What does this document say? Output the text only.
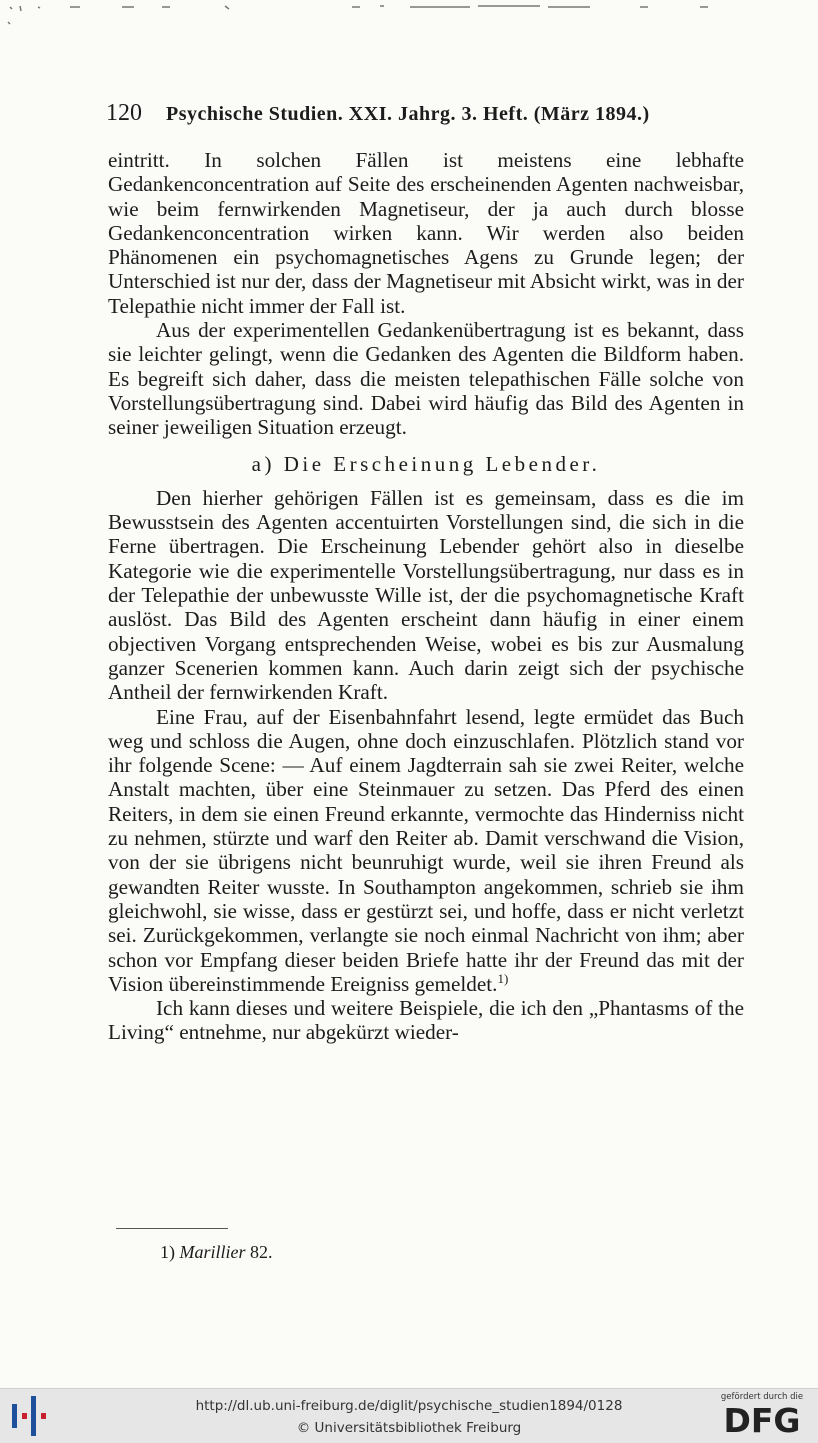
120 Psychische Studien. XXI. Jahrg. 3. Heft. (März 1894.)

eintritt. In solchen Fällen ist meistens eine lebhafte Gedankenconcentration auf Seite des erscheinenden Agenten nachweisbar, wie beim fernwirkenden Magnetiseur, der ja auch durch blosse Gedankenconcentration wirken kann. Wir werden also beiden Phänomenen ein psychomagnetisches Agens zu Grunde legen; der Unterschied ist nur der, dass der Magnetiseur mit Absicht wirkt, was in der Telepathie nicht immer der Fall ist.

Aus der experimentellen Gedankenübertragung ist es bekannt, dass sie leichter gelingt, wenn die Gedanken des Agenten die Bildform haben. Es begreift sich daher, dass die meisten telepathischen Fälle solche von Vorstellungsübertragung sind. Dabei wird häufig das Bild des Agenten in seiner jeweiligen Situation erzeugt.

a) Die Erscheinung Lebender.

Den hierher gehörigen Fällen ist es gemeinsam, dass es die im Bewusstsein des Agenten accentuirten Vorstellungen sind, die sich in die Ferne übertragen. Die Erscheinung Lebender gehört also in dieselbe Kategorie wie die experimentelle Vorstellungsübertragung, nur dass es in der Telepathie der unbewusste Wille ist, der die psychomagnetische Kraft auslöst. Das Bild des Agenten erscheint dann häufig in einer einem objectiven Vorgang entsprechenden Weise, wobei es bis zur Ausmalung ganzer Scenerien kommen kann. Auch darin zeigt sich der psychische Antheil der fernwirkenden Kraft.

Eine Frau, auf der Eisenbahnfahrt lesend, legte ermüdet das Buch weg und schloss die Augen, ohne doch einzuschlafen. Plötzlich stand vor ihr folgende Scene: — Auf einem Jagdterrain sah sie zwei Reiter, welche Anstalt machten, über eine Steinmauer zu setzen. Das Pferd des einen Reiters, in dem sie einen Freund erkannte, vermochte das Hinderniss nicht zu nehmen, stürzte und warf den Reiter ab. Damit verschwand die Vision, von der sie übrigens nicht beunruhigt wurde, weil sie ihren Freund als gewandten Reiter wusste. In Southampton angekommen, schrieb sie ihm gleichwohl, sie wisse, dass er gestürzt sei, und hoffe, dass er nicht verletzt sei. Zurückgekommen, verlangte sie noch einmal Nachricht von ihm; aber schon vor Empfang dieser beiden Briefe hatte ihr der Freund das mit der Vision übereinstimmende Ereigniss gemeldet.$^{1)}$

Ich kann dieses und weitere Beispiele, die ich den „Phantasms of the Living“ entnehme, nur abgekürzt wieder-

1) Marillier 82.
http://dl.ub.uni-freiburg.de/diglit/psychische_studien1894/0128
© Universitätsbibliothek Freiburg
gefördert durch die
DFG
